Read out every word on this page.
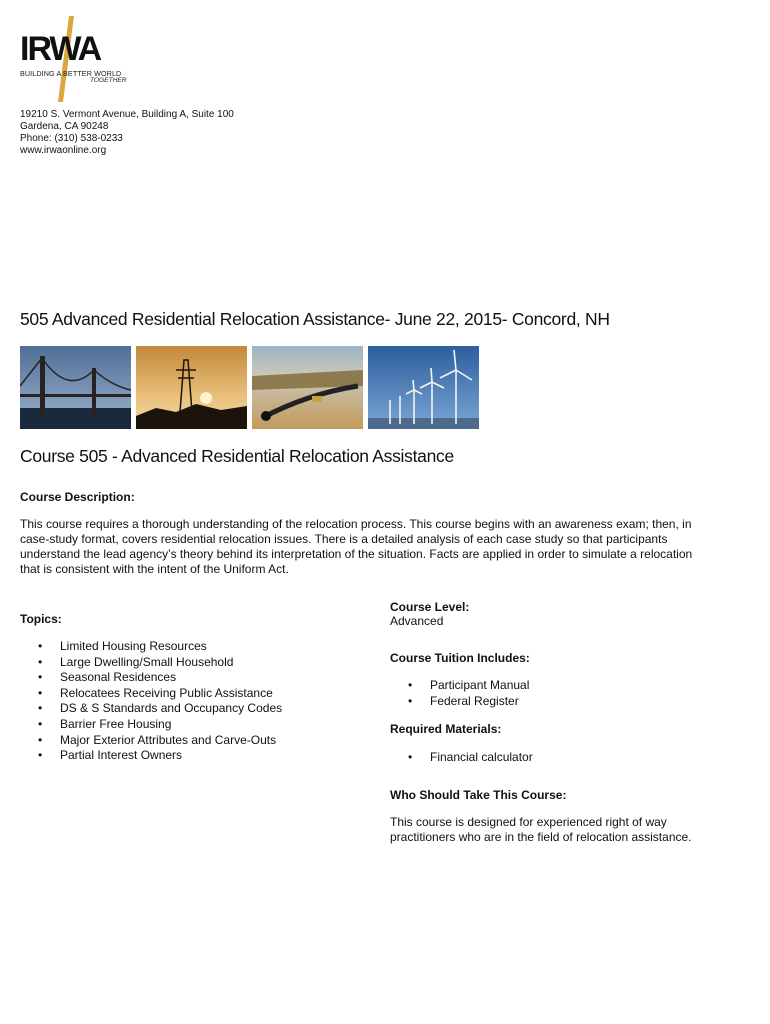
IRWA
BUILDING A BETTER WORLD
TOGETHER
19210 S. Vermont Avenue, Building A, Suite 100
Gardena, CA 90248
Phone: (310) 538-0233
www.irwaonline.org
505 Advanced Residential Relocation Assistance- June 22, 2015- Concord, NH
Course 505 - Advanced Residential Relocation Assistance
Course Description:
This course requires a thorough understanding of the relocation process. This course begins with an awareness exam; then, in
case-study format, covers residential relocation issues. There is a detailed analysis of each case study so that participants
understand the lead agency’s theory behind its interpretation of the situation. Facts are applied in order to simulate a relocation
that is consistent with the intent of the Uniform Act.
Topics:
• Limited Housing Resources
• Large Dwelling/Small Household
• Seasonal Residences
• Relocatees Receiving Public Assistance
• DS & S Standards and Occupancy Codes
• Barrier Free Housing
• Major Exterior Attributes and Carve-Outs
• Partial Interest Owners
Course Level:
Advanced
Course Tuition Includes:
• Participant Manual
• Federal Register
Required Materials:
• Financial calculator
Who Should Take This Course:
This course is designed for experienced right of way
practitioners who are in the field of relocation assistance.
